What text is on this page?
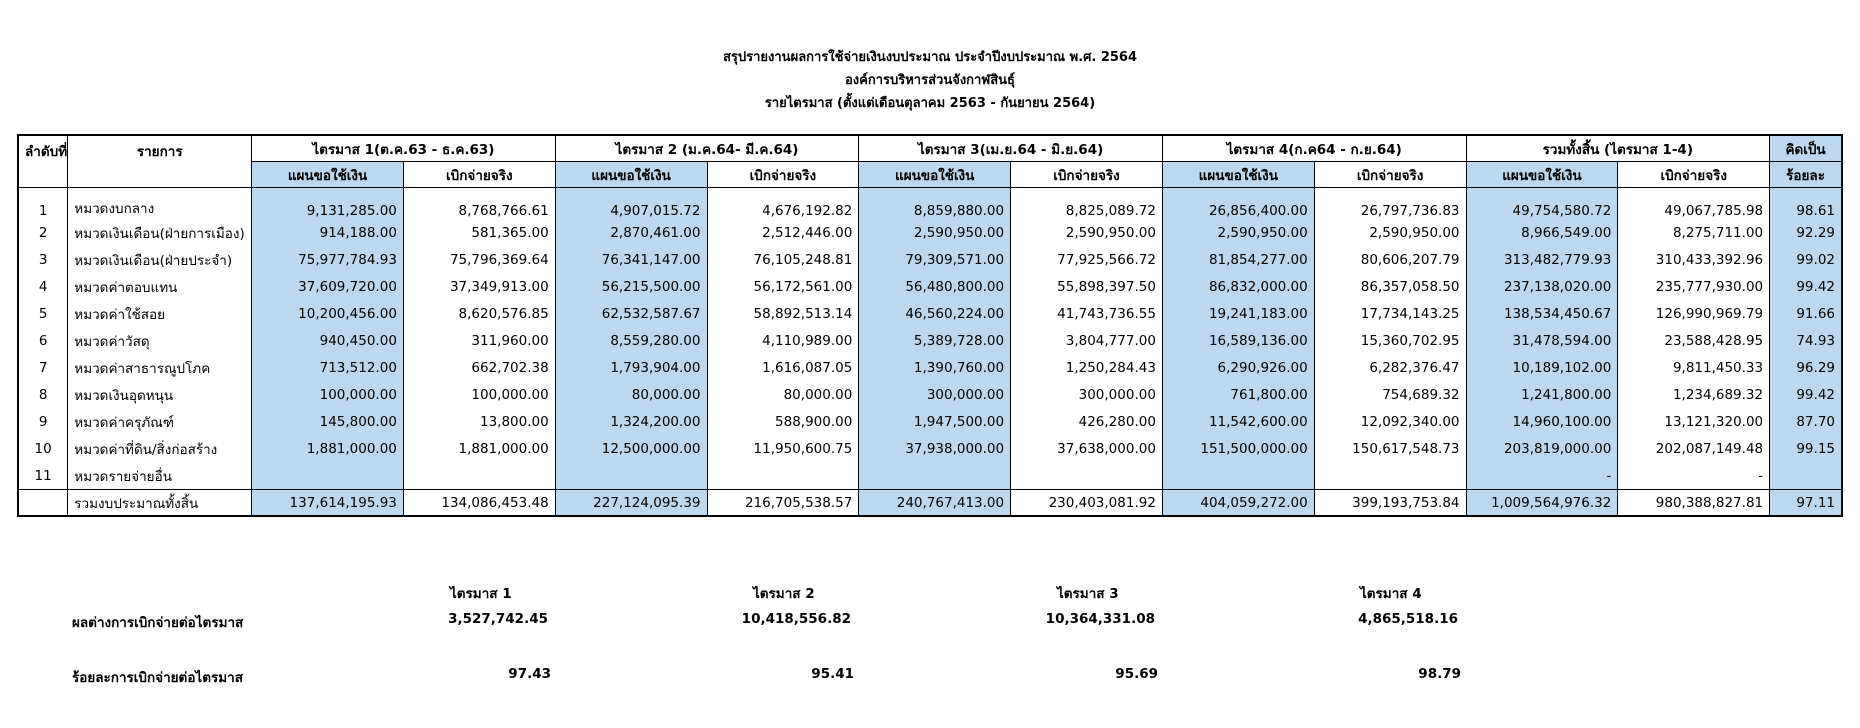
สรุปรายงานผลการใช้จ่ายเงินงบประมาณ ประจำปีงบประมาณ พ.ศ. 2564
องค์การบริหารส่วนจังกาฬสินธุ์
รายไตรมาส (ตั้งแต่เดือนตุลาคม 2563 - กันยายน 2564)
ลำดับที่	รายการ	ไตรมาส 1(ต.ค.63 - ธ.ค.63)		ไตรมาส 2 (ม.ค.64- มี.ค.64)		ไตรมาส 3(เม.ย.64 - มิ.ย.64)		ไตรมาส 4(ก.ค64 - ก.ย.64)		รวมทั้งสิ้น (ไตรมาส 1-4)		คิดเป็น
		แผนขอใช้เงิน	เบิกจ่ายจริง	แผนขอใช้เงิน	เบิกจ่ายจริง	แผนขอใช้เงิน	เบิกจ่ายจริง	แผนขอใช้เงิน	เบิกจ่ายจริง	แผนขอใช้เงิน	เบิกจ่ายจริง	ร้อยละ
1	หมวดงบกลาง	9,131,285.00	8,768,766.61	4,907,015.72	4,676,192.82	8,859,880.00	8,825,089.72	26,856,400.00	26,797,736.83	49,754,580.72	49,067,785.98	98.61
2	หมวดเงินเดือน(ฝ่ายการเมือง)	914,188.00	581,365.00	2,870,461.00	2,512,446.00	2,590,950.00	2,590,950.00	2,590,950.00	2,590,950.00	8,966,549.00	8,275,711.00	92.29
3	หมวดเงินเดือน(ฝ่ายประจำ)	75,977,784.93	75,796,369.64	76,341,147.00	76,105,248.81	79,309,571.00	77,925,566.72	81,854,277.00	80,606,207.79	313,482,779.93	310,433,392.96	99.02
4	หมวดค่าตอบแทน	37,609,720.00	37,349,913.00	56,215,500.00	56,172,561.00	56,480,800.00	55,898,397.50	86,832,000.00	86,357,058.50	237,138,020.00	235,777,930.00	99.42
5	หมวดค่าใช้สอย	10,200,456.00	8,620,576.85	62,532,587.67	58,892,513.14	46,560,224.00	41,743,736.55	19,241,183.00	17,734,143.25	138,534,450.67	126,990,969.79	91.66
6	หมวดค่าวัสดุ	940,450.00	311,960.00	8,559,280.00	4,110,989.00	5,389,728.00	3,804,777.00	16,589,136.00	15,360,702.95	31,478,594.00	23,588,428.95	74.93
7	หมวดค่าสาธารณูปโภค	713,512.00	662,702.38	1,793,904.00	1,616,087.05	1,390,760.00	1,250,284.43	6,290,926.00	6,282,376.47	10,189,102.00	9,811,450.33	96.29
8	หมวดเงินอุดหนุน	100,000.00	100,000.00	80,000.00	80,000.00	300,000.00	300,000.00	761,800.00	754,689.32	1,241,800.00	1,234,689.32	99.42
9	หมวดค่าครุภัณฑ์	145,800.00	13,800.00	1,324,200.00	588,900.00	1,947,500.00	426,280.00	11,542,600.00	12,092,340.00	14,960,100.00	13,121,320.00	87.70
10	หมวดค่าที่ดิน/สิ่งก่อสร้าง	1,881,000.00	1,881,000.00	12,500,000.00	11,950,600.75	37,938,000.00	37,638,000.00	151,500,000.00	150,617,548.73	203,819,000.00	202,087,149.48	99.15
11	หมวดรายจ่ายอื่น									-	-	
	รวมงบประมาณทั้งสิ้น	137,614,195.93	134,086,453.48	227,124,095.39	216,705,538.57	240,767,413.00	230,403,081.92	404,059,272.00	399,193,753.84	1,009,564,976.32	980,388,827.81	97.11
ไตรมาส 1	ไตรมาส 2	ไตรมาส 3	ไตรมาส 4
ผลต่างการเบิกจ่ายต่อไตรมาส	3,527,742.45	10,418,556.82	10,364,331.08	4,865,518.16
ร้อยละการเบิกจ่ายต่อไตรมาส	97.43	95.41	95.69	98.79
